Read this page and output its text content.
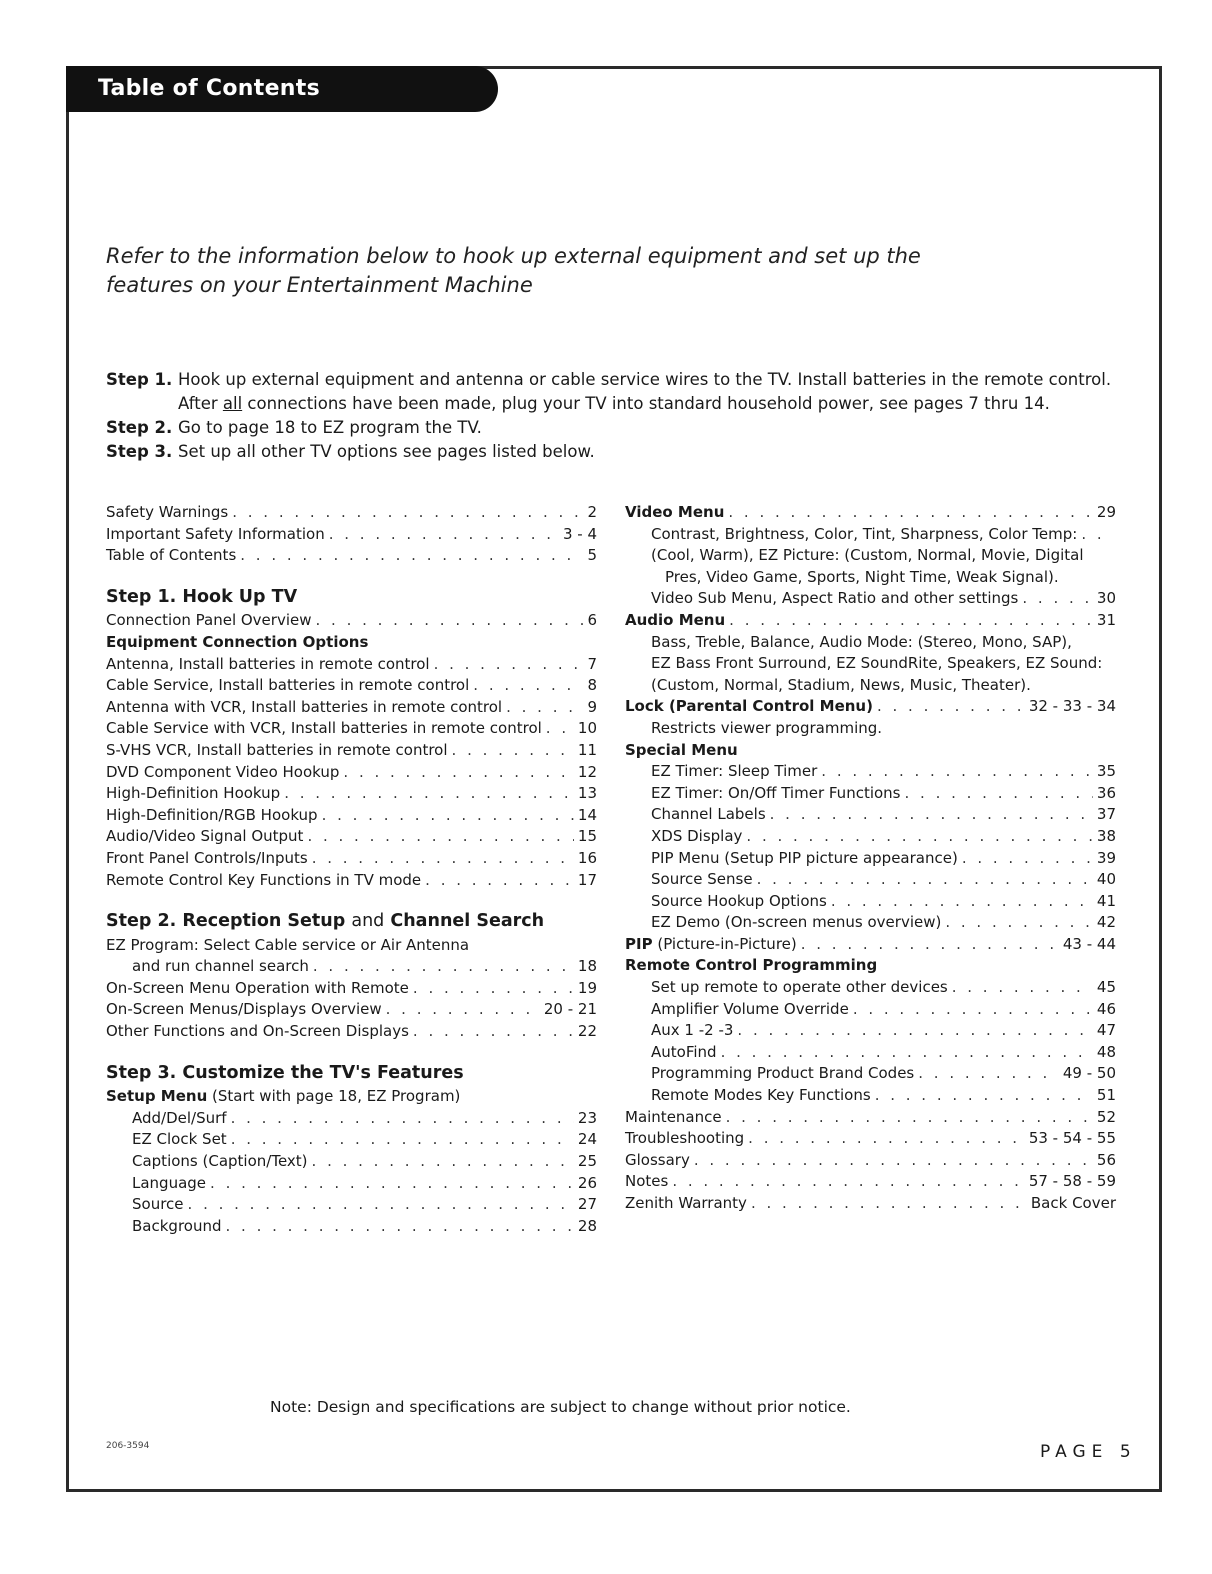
Table of Contents
Refer to the information below to hook up external equipment and set up the features on your Entertainment Machine
Step 1. Hook up external equipment and antenna or cable service wires to the TV. Install batteries in the remote control. After all connections have been made, plug your TV into standard household power, see pages 7 thru 14.
Step 2. Go to page 18 to EZ program the TV.
Step 3. Set up all other TV options see pages listed below.
Safety Warnings . . .	2
Important Safety Information . . .	3 - 4
Table of Contents . . .	5
Step 1. Hook Up TV
Connection Panel Overview . . .	6
Equipment Connection Options
Antenna, Install batteries in remote control . . .	7
Cable Service, Install batteries in remote control . . .	8
Antenna with VCR, Install batteries in remote control . . .	9
Cable Service with VCR, Install batteries in remote control . . . 10
S-VHS VCR, Install batteries in remote control . . .	11
DVD Component Video Hookup . . .	12
High-Definition Hookup . . .	13
High-Definition/RGB Hookup . . .	14
Audio/Video Signal Output . . .	15
Front Panel Controls/Inputs . . .	16
Remote Control Key Functions in TV mode . . .	17
Step 2. Reception Setup and Channel Search
EZ Program: Select Cable service or Air Antenna
and run channel search . . .	18
On-Screen Menu Operation with Remote . . .	19
On-Screen Menus/Displays Overview . . .	20 - 21
Other Functions and On-Screen Displays . . .	22
Step 3. Customize the TV's Features
Setup Menu (Start with page 18, EZ Program)
Add/Del/Surf . . .	23
EZ Clock Set . . .	24
Captions (Caption/Text) . . .	25
Language . . .	26
Source . . .	27
Background . . .	28
Video Menu . . .	29
Contrast, Brightness, Color, Tint, Sharpness, Color Temp:
. . .
(Cool, Warm), EZ Picture: (Custom, Normal, Movie, Digital
Pres, Video Game, Sports, Night Time, Weak Signal).
Video Sub Menu, Aspect Ratio and other settings . . .	30
Audio Menu . . .	31
Bass, Treble, Balance, Audio Mode: (Stereo, Mono, SAP),
EZ Bass Front Surround, EZ SoundRite, Speakers, EZ Sound:
(Custom, Normal, Stadium, News, Music, Theater).
Lock (Parental Control Menu) . . .	32 - 33 - 34
Restricts viewer programming.
Special Menu
EZ Timer: Sleep Timer . . .	35
EZ Timer: On/Off Timer Functions . . .	36
Channel Labels . . .	37
XDS Display . . .	38
PIP Menu (Setup PIP picture appearance) . . .	39
Source Sense . . .	40
Source Hookup Options . . .	41
EZ Demo (On-screen menus overview) . . .	42
PIP (Picture-in-Picture) . . .	43 - 44
Remote Control Programming
Set up remote to operate other devices . . .	45
Amplifier Volume Override . . .	46
Aux 1 -2 -3 . . .	47
AutoFind . . .	48
Programming Product Brand Codes . . .	49 - 50
Remote Modes Key Functions . . .	51
Maintenance . . .	52
Troubleshooting . . .	53 - 54 - 55
Glossary . . .	56
Notes . . .	57 - 58 - 59
Zenith Warranty . . .	Back Cover
Note: Design and specifications are subject to change without prior notice.
206-3594	PAGE 5
